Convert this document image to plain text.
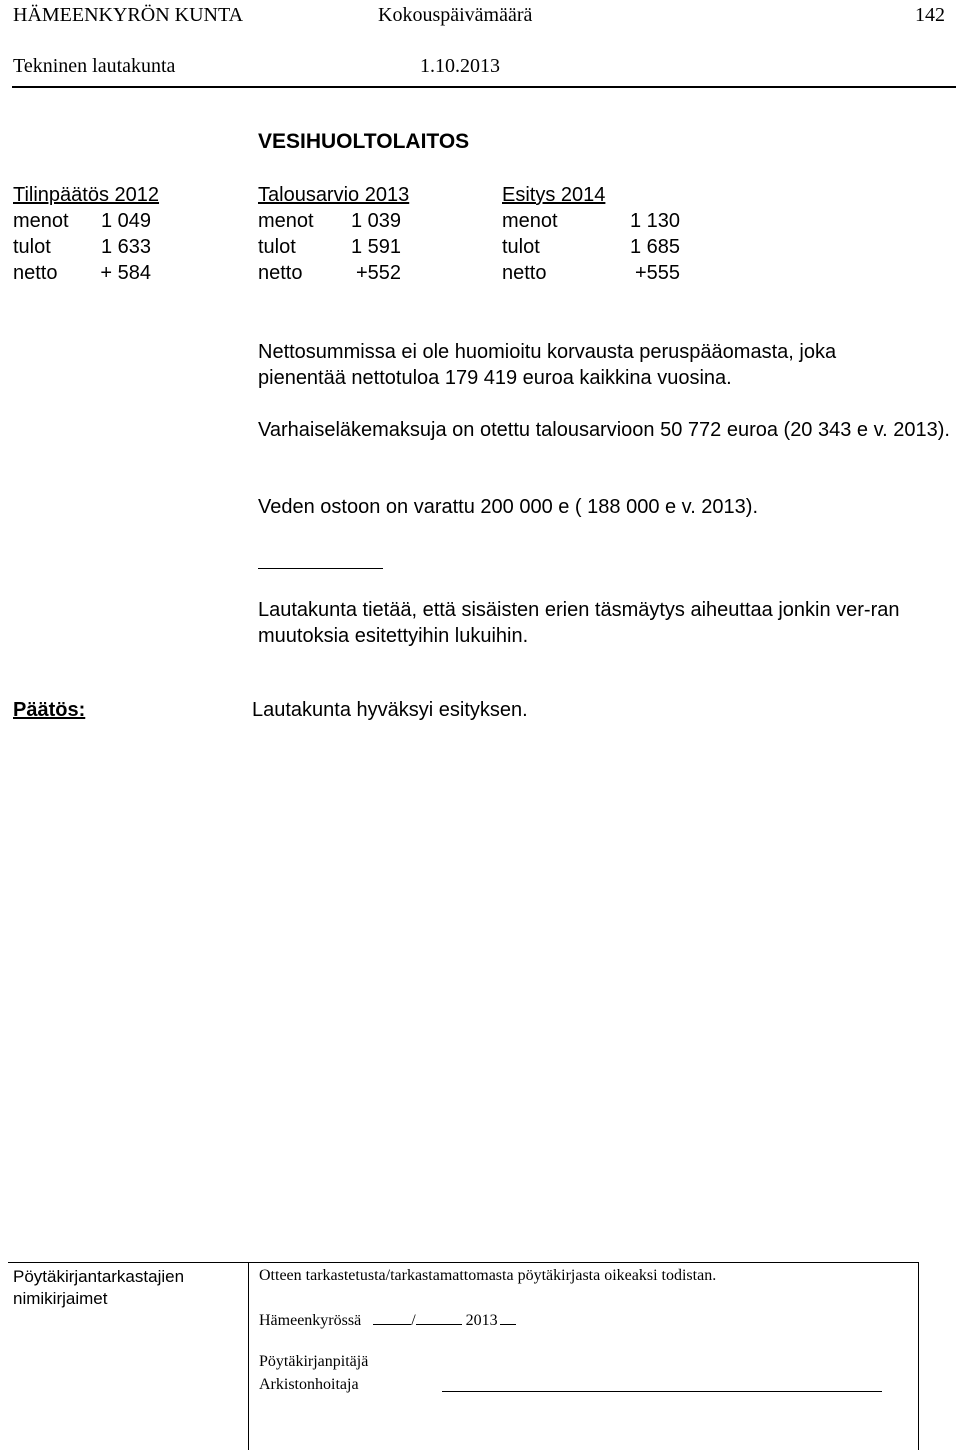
HÄMEENKYRÖN KUNTA	Kokouspäivämäärä	142
Tekninen lautakunta	1.10.2013
VESIHUOLTOLAITOS
Tilinpäätös 2012
menot 1 049
tulot	1 633
netto + 584
Talousarvio 2013
menot 1 039
tulot	1 591
netto	+552
Esitys 2014
menot	1 130
tulot	1 685
netto	+555
Nettosummissa ei ole huomioitu korvausta peruspääomasta, joka pienentää nettotuloa 179 419 euroa kaikkina vuosina.
Varhaiseläkemaksuja on otettu talousarvioon 50 772 euroa (20 343 e v. 2013).
Veden ostoon on varattu 200 000 e ( 188 000 e v. 2013).
Lautakunta tietää, että sisäisten erien täsmäytys aiheuttaa jonkin ver-ran muutoksia esitettyihin lukuihin.
Päätös:	Lautakunta hyväksyi esityksen.
Pöytäkirjantarkastajien nimikirjaimet
Otteen tarkastetusta/tarkastamattomasta pöytäkirjasta oikeaksi todistan.
Hämeenkyrössä	/	2013
Pöytäkirjanpitäjä
Arkistonhoitaja
